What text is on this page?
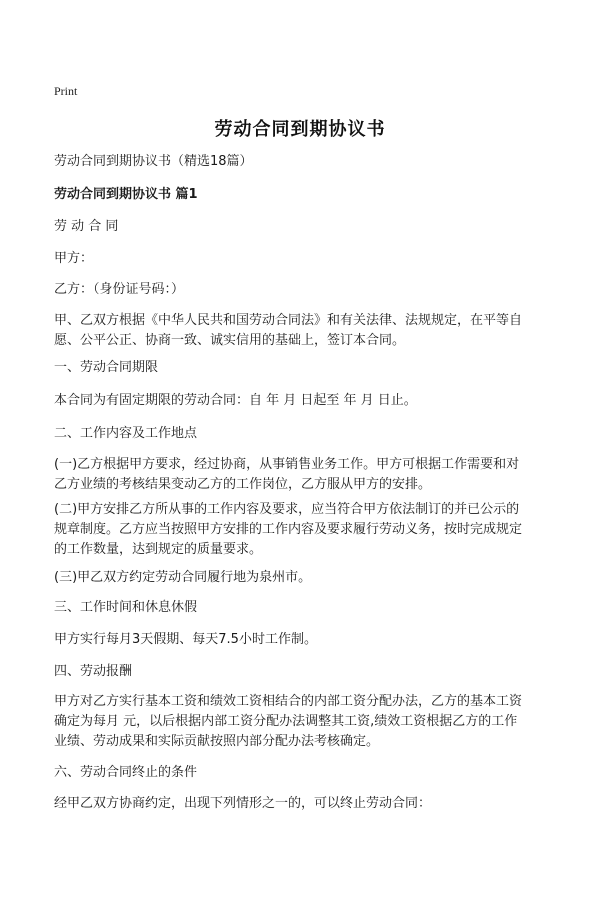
Print
劳动合同到期协议书

劳动合同到期协议书（精选18篇）

劳动合同到期协议书 篇1

劳 动 合 同

甲方：

乙方：（身份证号码：）

甲、乙双方根据《中华人民共和国劳动合同法》和有关法律、法规规定，在平等自
愿、公平公正、协商一致、诚实信用的基础上，签订本合同。

一、劳动合同期限

本合同为有固定期限的劳动合同：自 年 月 日起至 年 月 日止。

二、工作内容及工作地点

(一)乙方根据甲方要求，经过协商，从事销售业务工作。甲方可根据工作需要和对
乙方业绩的考核结果变动乙方的工作岗位，乙方服从甲方的安排。
(二)甲方安排乙方所从事的工作内容及要求，应当符合甲方依法制订的并已公示的
规章制度。乙方应当按照甲方安排的工作内容及要求履行劳动义务，按时完成规定
的工作数量，达到规定的质量要求。

(三)甲乙双方约定劳动合同履行地为泉州市。

三、工作时间和休息休假

甲方实行每月3天假期、每天7.5小时工作制。

四、劳动报酬

甲方对乙方实行基本工资和绩效工资相结合的内部工资分配办法，乙方的基本工资
确定为每月 元，以后根据内部工资分配办法调整其工资,绩效工资根据乙方的工作
业绩、劳动成果和实际贡献按照内部分配办法考核确定。

六、劳动合同终止的条件

经甲乙双方协商约定，出现下列情形之一的，可以终止劳动合同：
